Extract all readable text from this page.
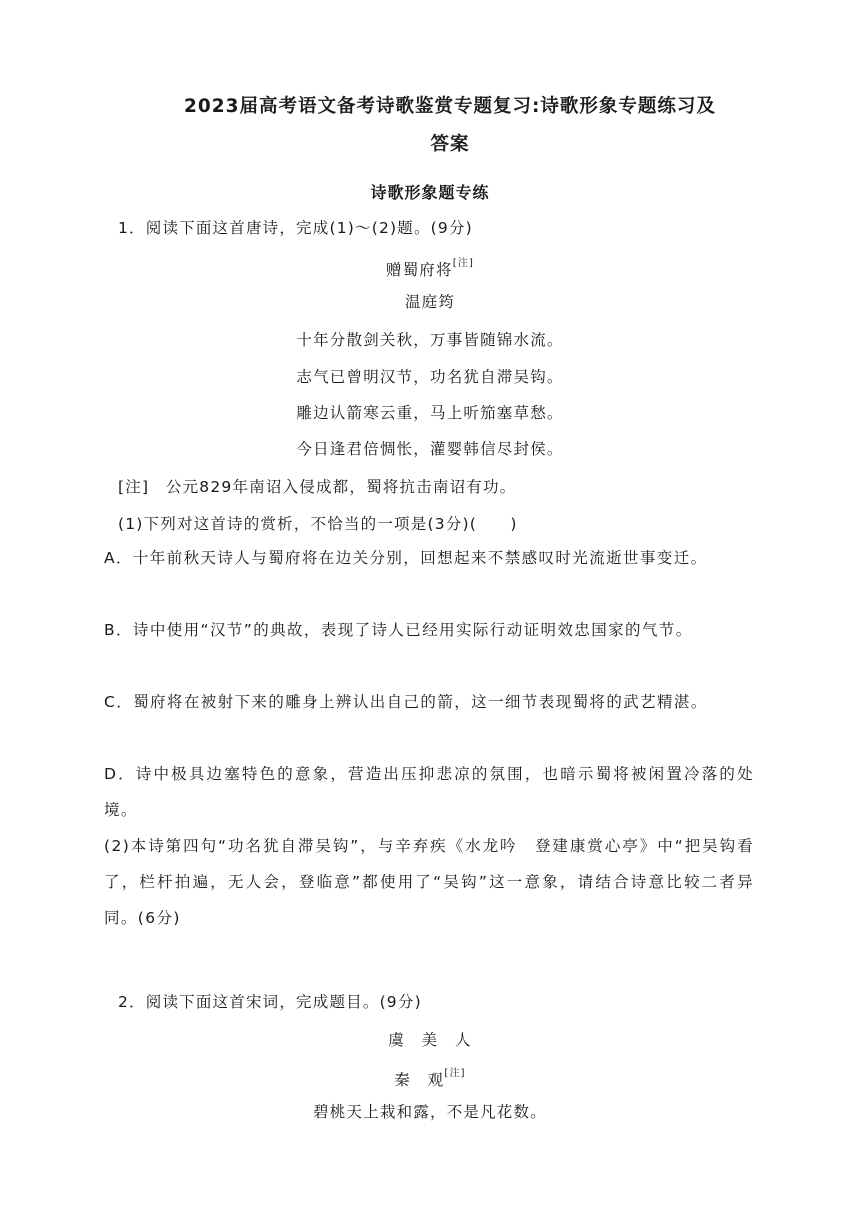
2023届高考语文备考诗歌鉴赏专题复习:诗歌形象专题练习及
答案
诗歌形象题专练
1．阅读下面这首唐诗，完成(1)～(2)题。(9分)
赠蜀府将[注]
温庭筠
十年分散剑关秋，万事皆随锦水流。
志气已曾明汉节，功名犹自滞吴钩。
雕边认箭寒云重，马上听笳塞草愁。
今日逢君倍惆怅，灌婴韩信尽封侯。
[注]　公元829年南诏入侵成都，蜀将抗击南诏有功。
(1)下列对这首诗的赏析，不恰当的一项是(3分)(　　)
A．十年前秋天诗人与蜀府将在边关分别，回想起来不禁感叹时光流逝世事变迁。
B．诗中使用“汉节”的典故，表现了诗人已经用实际行动证明效忠国家的气节。
C．蜀府将在被射下来的雕身上辨认出自己的箭，这一细节表现蜀将的武艺精湛。
D．诗中极具边塞特色的意象，营造出压抑悲凉的氛围，也暗示蜀将被闲置冷落的处境。
(2)本诗第四句“功名犹自滞吴钩”，与辛弃疾《水龙吟　登建康赏心亭》中“把吴钩看了，栏杆拍遍，无人会，登临意”都使用了“吴钩”这一意象，请结合诗意比较二者异同。(6分)
2．阅读下面这首宋词，完成题目。(9分)
虞　美　人
秦　观[注]
碧桃天上栽和露，不是凡花数。
